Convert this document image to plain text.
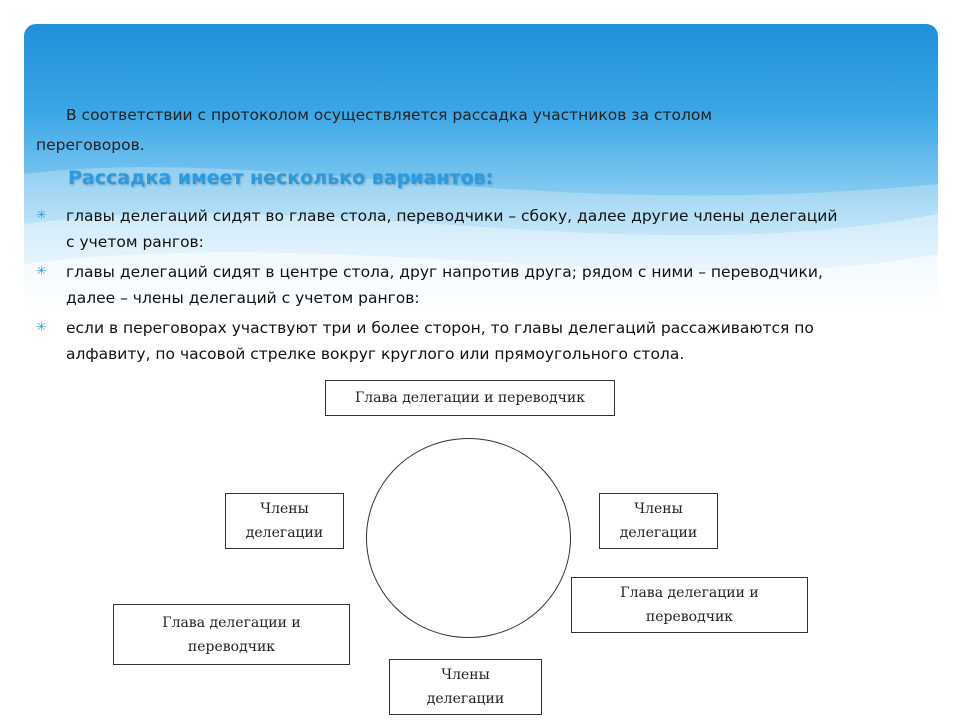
В соответствии с протоколом осуществляется рассадка участников за столом
переговоров.
Рассадка имеет несколько вариантов:
✳ главы делегаций сидят во главе стола, переводчики – сбоку, далее другие члены делегаций
с учетом рангов:
✳ главы делегаций сидят в центре стола, друг напротив друга; рядом с ними – переводчики,
далее – члены делегаций с учетом рангов:
✳ если в переговорах участвуют три и более сторон, то главы делегаций рассаживаются по
алфавиту, по часовой стрелке вокруг круглого или прямоугольного стола.
Глава делегации и переводчик
Члены
делегации
Члены
делегации
Глава делегации и
переводчик
Глава делегации и
переводчик
Члены
делегации
